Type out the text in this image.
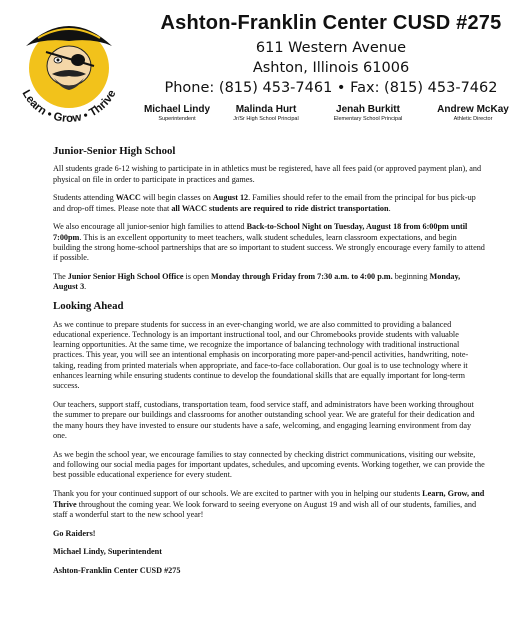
Learn • Grow • Thrive
Ashton-Franklin Center CUSD #275
611 Western Avenue
Ashton, Illinois 61006
Phone: (815) 453-7461 • Fax: (815) 453-7462
Michael Lindy
Superintendent
Malinda Hurt
Jr/Sr High School Principal
Jenah Burkitt
Elementary School Principal
Andrew McKay
Athletic Director
Junior-Senior High School

All students grade 6-12 wishing to participate in in athletics must be registered, have all fees paid (or approved payment plan), and physical on file in order to participate in practices and games.

Students attending WACC will begin classes on August 12. Families should refer to the email from the principal for bus pick-up and drop-off times. Please note that all WACC students are required to ride district transportation.

We also encourage all junior-senior high families to attend Back-to-School Night on Tuesday, August 18 from 6:00pm until 7:00pm. This is an excellent opportunity to meet teachers, walk student schedules, learn classroom expectations, and begin building the strong home-school partnerships that are so important to student success. We strongly encourage every family to attend if possible.

The Junior Senior High School Office is open Monday through Friday from 7:30 a.m. to 4:00 p.m. beginning Monday, August 3.

Looking Ahead

As we continue to prepare students for success in an ever-changing world, we are also committed to providing a balanced educational experience. Technology is an important instructional tool, and our Chromebooks provide students with valuable learning opportunities. At the same time, we recognize the importance of balancing technology with traditional instructional practices. This year, you will see an intentional emphasis on incorporating more paper-and-pencil activities, handwriting, note-taking, reading from printed materials when appropriate, and face-to-face collaboration. Our goal is to use technology where it enhances learning while ensuring students continue to develop the foundational skills that are equally important for long-term success.

Our teachers, support staff, custodians, transportation team, food service staff, and administrators have been working throughout the summer to prepare our buildings and classrooms for another outstanding school year. We are grateful for their dedication and the many hours they have invested to ensure our students have a safe, welcoming, and engaging learning environment from day one.

As we begin the school year, we encourage families to stay connected by checking district communications, visiting our website, and following our social media pages for important updates, schedules, and upcoming events. Working together, we can provide the best possible educational experience for every student.

Thank you for your continued support of our schools. We are excited to partner with you in helping our students Learn, Grow, and Thrive throughout the coming year. We look forward to seeing everyone on August 19 and wish all of our students, families, and staff a wonderful start to the new school year!

Go Raiders!

Michael Lindy, Superintendent

Ashton-Franklin Center CUSD #275
